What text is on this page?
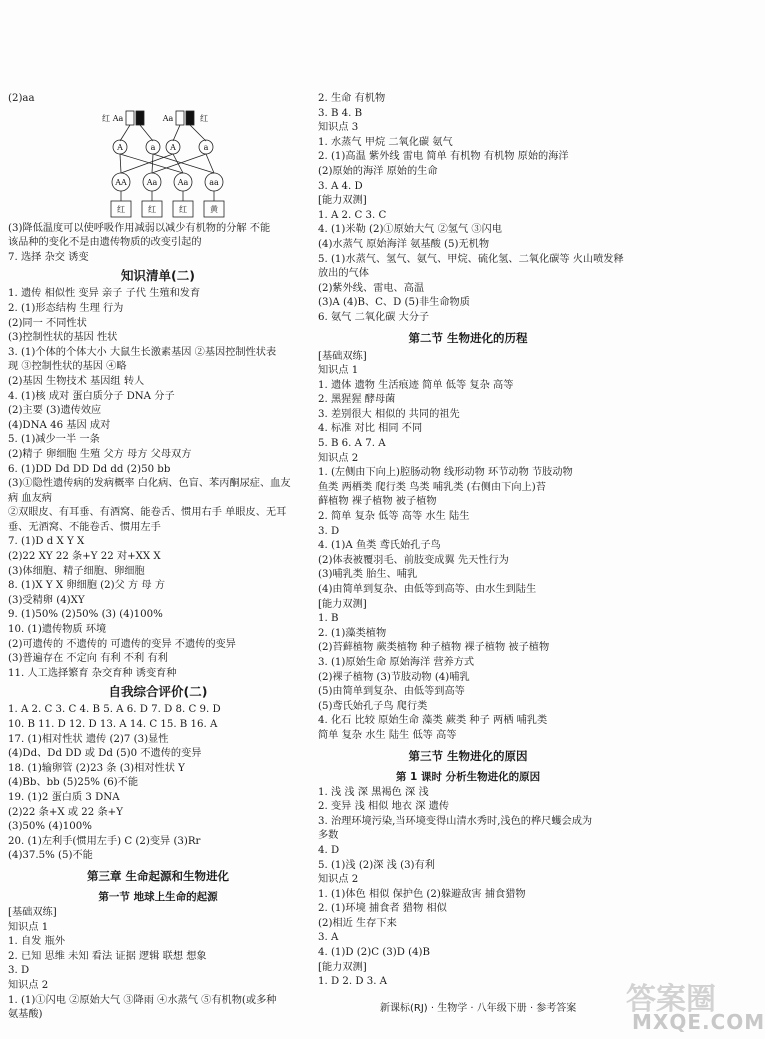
(2)aa
红 Aa	Aa	红
A	a A	a
AA Aa	Aa	aa
红	红	红	黄
(3)降低温度可以使呼吸作用减弱以减少有机物的分解 不能
该品种的变化不是由遗传物质的改变引起的
7. 选择 杂交 诱变
知识清单(二)
1. 遗传 相似性 变异 亲子 子代 生殖和发育
2. (1)形态结构 生理 行为
(2)同一 不同性状
(3)控制性状的基因 性状
3. (1)个体的个体大小 大鼠生长激素基因 ②基因控制性状表
现 ③控制性状的基因 ④略
(2)基因 生物技术 基因组 转人
4. (1)核 成对 蛋白质分子 DNA 分子
(2)主要 (3)遗传效应
(4)DNA 46 基因 成对
5. (1)减少一半 一条
(2)精子 卵细胞 生殖 父方 母方 父母双方
6. (1)DD Dd DD Dd dd (2)50 bb
(3)①隐性遗传病的发病概率 白化病、色盲、苯丙酮尿症、血友
病 血友病
②双眼皮、有耳垂、有酒窝、能卷舌、惯用右手 单眼皮、无耳
垂、无酒窝、不能卷舌、惯用左手
7. (1)D d X Y X
(2)22 XY 22 条+Y 22 对+XX X
(3)体细胞、精子细胞、卵细胞
8. (1)X Y X 卵细胞 (2)父 方 母 方
(3)受精卵 (4)XY
9. (1)50% (2)50% (3) (4)100%
10. (1)遗传物质 环境
(2)可遗传的 不遗传的 可遗传的变异 不遗传的变异
(3)普遍存在 不定向 有利 不利 有利
11. 人工选择繁育 杂交育种 诱变育种
自我综合评价(二)
1. A 2. C 3. C 4. B 5. A 6. D 7. D 8. C 9. D
10. B 11. D 12. D 13. A 14. C 15. B 16. A
17. (1)相对性状 遗传 (2)7 (3)显性
(4)Dd、Dd DD 或 Dd (5)0 不遗传的变异
18. (1)输卵管 (2)23 条 (3)相对性状 Y
(4)Bb、bb (5)25% (6)不能
19. (1)2 蛋白质 3 DNA
(2)22 条+X 或 22 条+Y
(3)50% (4)100%
20. (1)左利手(惯用左手) C (2)变异 (3)Rr
(4)37.5% (5)不能
第三章 生命起源和生物进化
第一节 地球上生命的起源
[基础双练]
知识点 1
1. 自发 瓶外
2. 已知 思维 未知 看法 证据 逻辑 联想 想象
3. D
知识点 2
1. (1)①闪电 ②原始大气 ③降雨 ④水蒸气 ⑤有机物(或多种
氨基酸)
2. 生命 有机物
3. B 4. B
知识点 3
1. 水蒸气 甲烷 二氧化碳 氨气
2. (1)高温 紫外线 雷电 简单 有机物 有机物 原始的海洋
(2)原始的海洋 原始的生命
3. A 4. D
[能力双测]
1. A 2. C 3. C
4. (1)米勒 (2)①原始大气 ②氢气 ③闪电
(4)水蒸气 原始海洋 氨基酸 (5)无机物
5. (1)水蒸气、氢气、氨气、甲烷、硫化氢、二氧化碳等 火山喷发释
放出的气体
(2)紫外线、雷电、高温
(3)A (4)B、C、D (5)非生命物质
6. 氨气 二氧化碳 大分子
第二节 生物进化的历程
[基础双练]
知识点 1
1. 遗体 遗物 生活痕迹 简单 低等 复杂 高等
2. 黑猩猩 酵母菌
3. 差别很大 相似的 共同的祖先
4. 标准 对比 相同 不同
5. B 6. A 7. A
知识点 2
1. (左侧由下向上)腔肠动物 线形动物 环节动物 节肢动物
鱼类 两栖类 爬行类 鸟类 哺乳类 (右侧由下向上)苔
藓植物 裸子植物 被子植物
2. 简单 复杂 低等 高等 水生 陆生
3. D
4. (1)A 鱼类 鸢氏始孔子鸟
(2)体表被覆羽毛、前肢变成翼 先天性行为
(3)哺乳类 胎生、哺乳
(4)由简单到复杂、由低等到高等、由水生到陆生
[能力双测]
1. B
2. (1)藻类植物
(2)苔藓植物 蕨类植物 种子植物 裸子植物 被子植物
3. (1)原始生命 原始海洋 营养方式
(2)裸子植物 (3)节肢动物 (4)哺乳
(5)由简单到复杂、由低等到高等
(5)鸢氏始孔子鸟 爬行类
4. 化石 比较 原始生命 藻类 蕨类 种子 两栖 哺乳类
简单 复杂 水生 陆生 低等 高等
第三节 生物进化的原因
第 1 课时 分析生物进化的原因
1. 浅 浅 深 黑褐色 深 浅
2. 变异 浅 相似 地衣 深 遗传
3. 治理环境污染,当环境变得山清水秀时,浅色的桦尺蠖会成为
多数
4. D
5. (1)浅 (2)深 浅 (3)有利
知识点 2
1. (1)体色 相似 保护色 (2)躲避敌害 捕食猎物
2. (1)环境 捕食者 猎物 相似
(2)相近 生存下来
3. A
4. (1)D (2)C (3)D (4)B
[能力双测]
1. D 2. D 3. A
新课标(RJ) · 生物学 · 八年级下册 · 参考答案 答案圈
MXQE.COM
